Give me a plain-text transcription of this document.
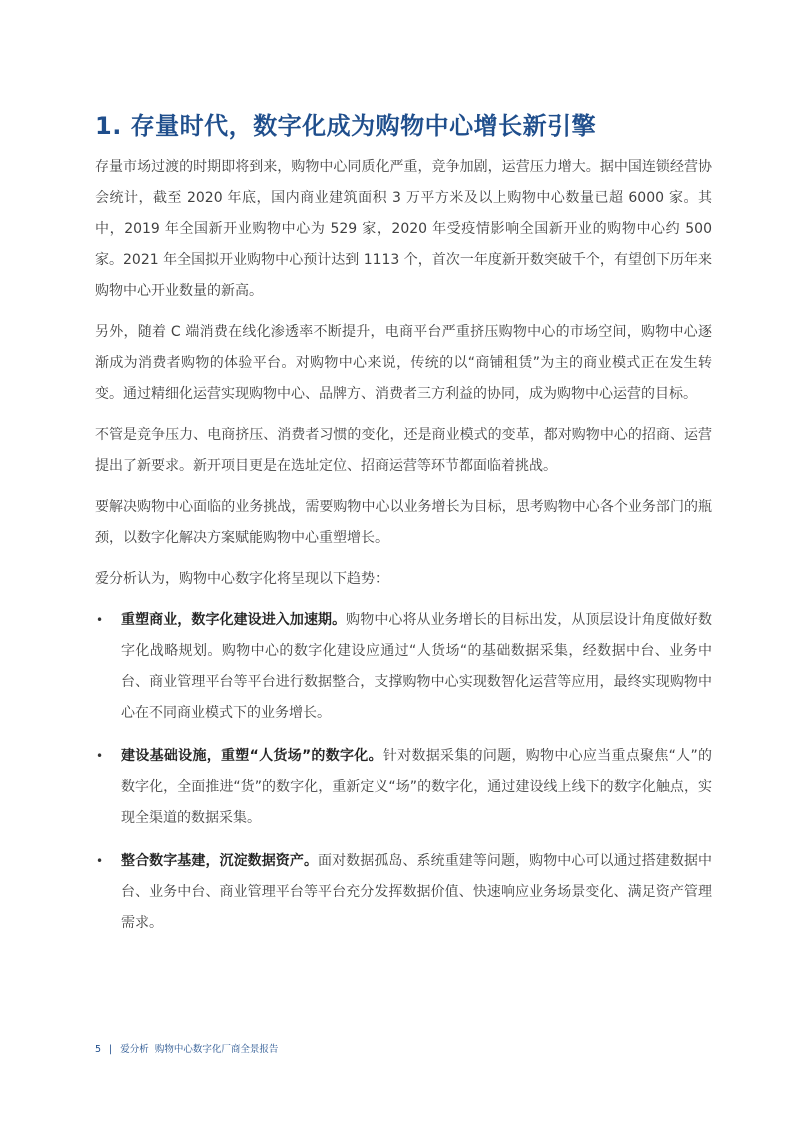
1. 存量时代，数字化成为购物中心增长新引擎

存量市场过渡的时期即将到来，购物中心同质化严重，竞争加剧，运营压力增大。据中国连锁经营协会统计，截至 2020 年底，国内商业建筑面积 3 万平方米及以上购物中心数量已超 6000 家。其中，2019 年全国新开业购物中心为 529 家，2020 年受疫情影响全国新开业的购物中心约 500 家。2021 年全国拟开业购物中心预计达到 1113 个，首次一年度新开数突破千个，有望创下历年来购物中心开业数量的新高。

另外，随着 C 端消费在线化渗透率不断提升，电商平台严重挤压购物中心的市场空间，购物中心逐渐成为消费者购物的体验平台。对购物中心来说，传统的以“商铺租赁”为主的商业模式正在发生转变。通过精细化运营实现购物中心、品牌方、消费者三方利益的协同，成为购物中心运营的目标。

不管是竞争压力、电商挤压、消费者习惯的变化，还是商业模式的变革，都对购物中心的招商、运营提出了新要求。新开项目更是在选址定位、招商运营等环节都面临着挑战。

要解决购物中心面临的业务挑战，需要购物中心以业务增长为目标，思考购物中心各个业务部门的瓶颈，以数字化解决方案赋能购物中心重塑增长。

爱分析认为，购物中心数字化将呈现以下趋势：

• 重塑商业，数字化建设进入加速期。购物中心将从业务增长的目标出发，从顶层设计角度做好数字化战略规划。购物中心的数字化建设应通过“人货场“的基础数据采集，经数据中台、业务中台、商业管理平台等平台进行数据整合，支撑购物中心实现数智化运营等应用，最终实现购物中心在不同商业模式下的业务增长。
• 建设基础设施，重塑“人货场”的数字化。针对数据采集的问题，购物中心应当重点聚焦“人”的数字化，全面推进“货”的数字化，重新定义“场”的数字化，通过建设线上线下的数字化触点，实现全渠道的数据采集。
• 整合数字基建，沉淀数据资产。面对数据孤岛、系统重建等问题，购物中心可以通过搭建数据中台、业务中台、商业管理平台等平台充分发挥数据价值、快速响应业务场景变化、满足资产管理需求。
5 | 爱分析 购物中心数字化厂商全景报告
